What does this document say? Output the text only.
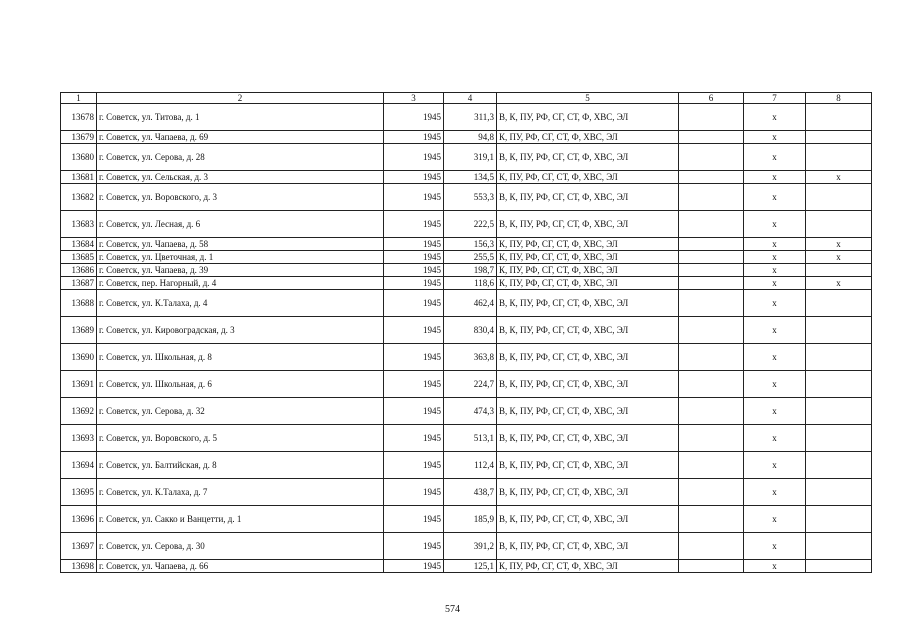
1	2	3	4	5	6	7	8
13678	г. Советск, ул. Титова, д. 1	1945	311,3	В, К, ПУ, РФ, СГ, СТ, Ф, ХВС, ЭЛ		х	
13679	г. Советск, ул. Чапаева, д. 69	1945	94,8	К, ПУ, РФ, СГ, СТ, Ф, ХВС, ЭЛ		х	
13680	г. Советск, ул. Серова, д. 28	1945	319,1	В, К, ПУ, РФ, СГ, СТ, Ф, ХВС, ЭЛ		х	
13681	г. Советск, ул. Сельская, д. 3	1945	134,5	К, ПУ, РФ, СГ, СТ, Ф, ХВС, ЭЛ		х	х
13682	г. Советск, ул. Воровского, д. 3	1945	553,3	В, К, ПУ, РФ, СГ, СТ, Ф, ХВС, ЭЛ		х	
13683	г. Советск, ул. Лесная, д. 6	1945	222,5	В, К, ПУ, РФ, СГ, СТ, Ф, ХВС, ЭЛ		х	
13684	г. Советск, ул. Чапаева, д. 58	1945	156,3	К, ПУ, РФ, СГ, СТ, Ф, ХВС, ЭЛ		х	х
13685	г. Советск, ул. Цветочная, д. 1	1945	255,5	К, ПУ, РФ, СГ, СТ, Ф, ХВС, ЭЛ		х	х
13686	г. Советск, ул. Чапаева, д. 39	1945	198,7	К, ПУ, РФ, СГ, СТ, Ф, ХВС, ЭЛ		х	
13687	г. Советск, пер. Нагорный, д. 4	1945	118,6	К, ПУ, РФ, СГ, СТ, Ф, ХВС, ЭЛ		х	х
13688	г. Советск, ул. К.Талаха, д. 4	1945	462,4	В, К, ПУ, РФ, СГ, СТ, Ф, ХВС, ЭЛ		х	
13689	г. Советск, ул. Кировоградская, д. 3	1945	830,4	В, К, ПУ, РФ, СГ, СТ, Ф, ХВС, ЭЛ		х	
13690	г. Советск, ул. Школьная, д. 8	1945	363,8	В, К, ПУ, РФ, СГ, СТ, Ф, ХВС, ЭЛ		х	
13691	г. Советск, ул. Школьная, д. 6	1945	224,7	В, К, ПУ, РФ, СГ, СТ, Ф, ХВС, ЭЛ		х	
13692	г. Советск, ул. Серова, д. 32	1945	474,3	В, К, ПУ, РФ, СГ, СТ, Ф, ХВС, ЭЛ		х	
13693	г. Советск, ул. Воровского, д. 5	1945	513,1	В, К, ПУ, РФ, СГ, СТ, Ф, ХВС, ЭЛ		х	
13694	г. Советск, ул. Балтийская, д. 8	1945	112,4	В, К, ПУ, РФ, СГ, СТ, Ф, ХВС, ЭЛ		х	
13695	г. Советск, ул. К.Талаха, д. 7	1945	438,7	В, К, ПУ, РФ, СГ, СТ, Ф, ХВС, ЭЛ		х	
13696	г. Советск, ул. Сакко и Ванцетти, д. 1	1945	185,9	В, К, ПУ, РФ, СГ, СТ, Ф, ХВС, ЭЛ		х	
13697	г. Советск, ул. Серова, д. 30	1945	391,2	В, К, ПУ, РФ, СГ, СТ, Ф, ХВС, ЭЛ		х	
13698	г. Советск, ул. Чапаева, д. 66	1945	125,1	К, ПУ, РФ, СГ, СТ, Ф, ХВС, ЭЛ		х	
574
